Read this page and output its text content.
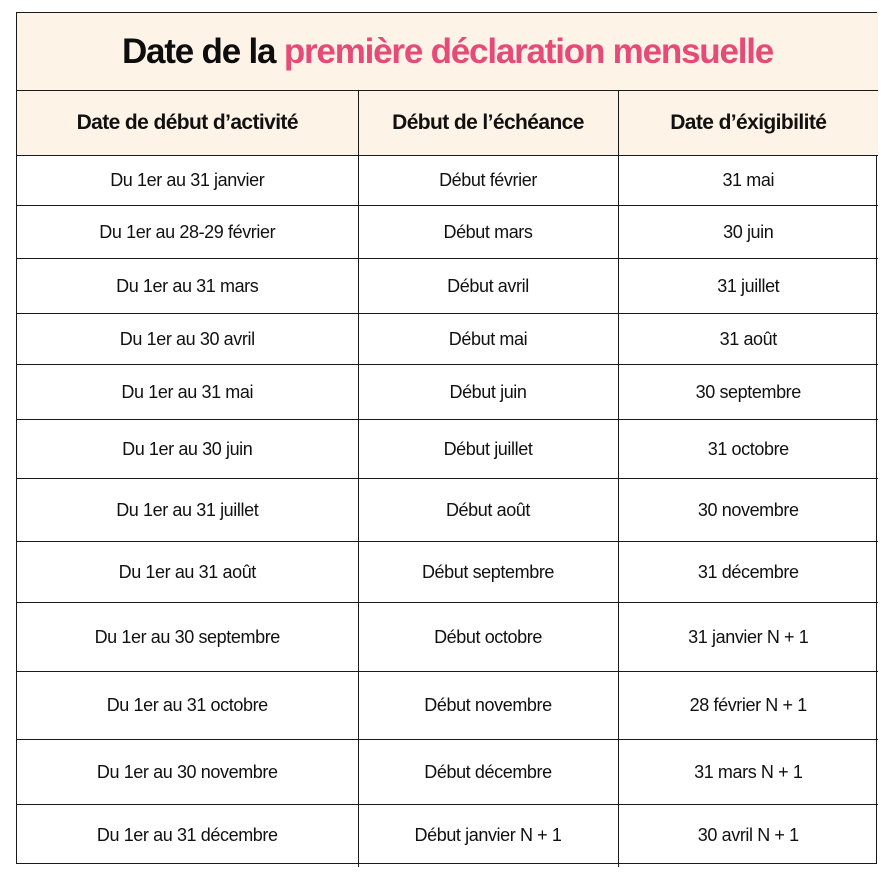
Date de la première déclaration mensuelle		
Date de début d’activité	Début de l’échéance	Date d’éxigibilité
Du 1er au 31 janvier	Début février	31 mai
Du 1er au 28-29 février	Début mars	30 juin
Du 1er au 31 mars	Début avril	31 juillet
Du 1er au 30 avril	Début mai	31 août
Du 1er au 31 mai	Début juin	30 septembre
Du 1er au 30 juin	Début juillet	31 octobre
Du 1er au 31 juillet	Début août	30 novembre
Du 1er au 31 août	Début septembre	31 décembre
Du 1er au 30 septembre	Début octobre	31 janvier N + 1
Du 1er au 31 octobre	Début novembre	28 février N + 1
Du 1er au 30 novembre	Début décembre	31 mars N + 1
Du 1er au 31 décembre	Début janvier N + 1	30 avril N + 1
